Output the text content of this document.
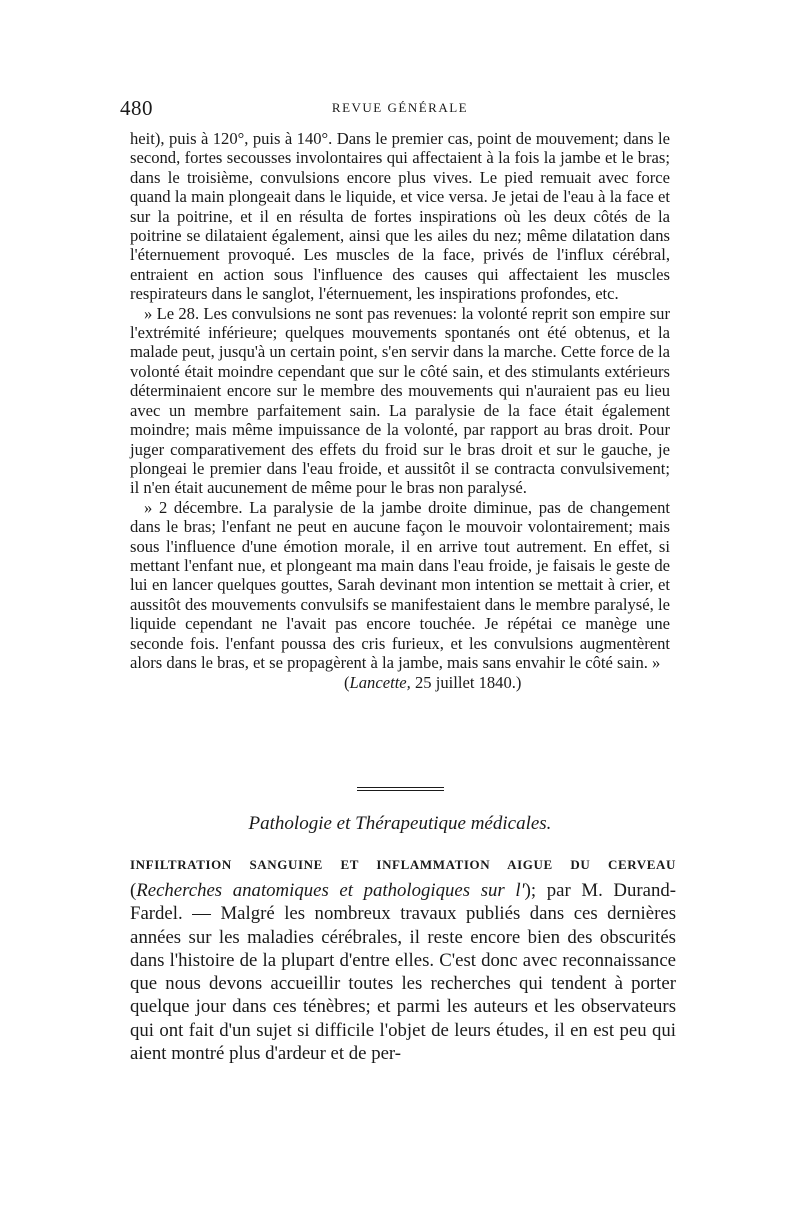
480	REVUE GÉNÉRALE

heit), puis à 120°, puis à 140°. Dans le premier cas, point de mouvement; dans le second, fortes secousses involontaires qui affectaient à la fois la jambe et le bras; dans le troisième, convulsions encore plus vives. Le pied remuait avec force quand la main plongeait dans le liquide, et vice versa. Je jetai de l'eau à la face et sur la poitrine, et il en résulta de fortes inspirations où les deux côtés de la poitrine se dilataient également, ainsi que les ailes du nez; même dilatation dans l'éternuement provoqué. Les muscles de la face, privés de l'influx cérébral, entraient en action sous l'influence des causes qui affectaient les muscles respirateurs dans le sanglot, l'éternuement, les inspirations profondes, etc.

» Le 28. Les convulsions ne sont pas revenues: la volonté reprit son empire sur l'extrémité inférieure; quelques mouvements spontanés ont été obtenus, et la malade peut, jusqu'à un certain point, s'en servir dans la marche. Cette force de la volonté était moindre cependant que sur le côté sain, et des stimulants extérieurs déterminaient encore sur le membre des mouvements qui n'auraient pas eu lieu avec un membre parfaitement sain. La paralysie de la face était également moindre; mais même impuissance de la volonté, par rapport au bras droit. Pour juger comparativement des effets du froid sur le bras droit et sur le gauche, je plongeai le premier dans l'eau froide, et aussitôt il se contracta convulsivement; il n'en était aucunement de même pour le bras non paralysé.

» 2 décembre. La paralysie de la jambe droite diminue, pas de changement dans le bras; l'enfant ne peut en aucune façon le mouvoir volontairement; mais sous l'influence d'une émotion morale, il en arrive tout autrement. En effet, si mettant l'enfant nue, et plongeant ma main dans l'eau froide, je faisais le geste de lui en lancer quelques gouttes, Sarah devinant mon intention se mettait à crier, et aussitôt des mouvements convulsifs se manifestaient dans le membre paralysé, le liquide cependant ne l'avait pas encore touchée. Je répétai ce manège une seconde fois. l'enfant poussa des cris furieux, et les convulsions augmentèrent alors dans le bras, et se propagèrent à la jambe, mais sans envahir le côté sain. »

(Lancette, 25 juillet 1840.)
Pathologie et Thérapeutique médicales.
INFILTRATION SANGUINE ET INFLAMMATION AIGUE DU CERVEAU

(Recherches anatomiques et pathologiques sur l'); par M. Durand-Fardel. — Malgré les nombreux travaux publiés dans ces dernières années sur les maladies cérébrales, il reste encore bien des obscurités dans l'histoire de la plupart d'entre elles. C'est donc avec reconnaissance que nous devons accueillir toutes les recherches qui tendent à porter quelque jour dans ces ténèbres; et parmi les auteurs et les observateurs qui ont fait d'un sujet si difficile l'objet de leurs études, il en est peu qui aient montré plus d'ardeur et de per-
